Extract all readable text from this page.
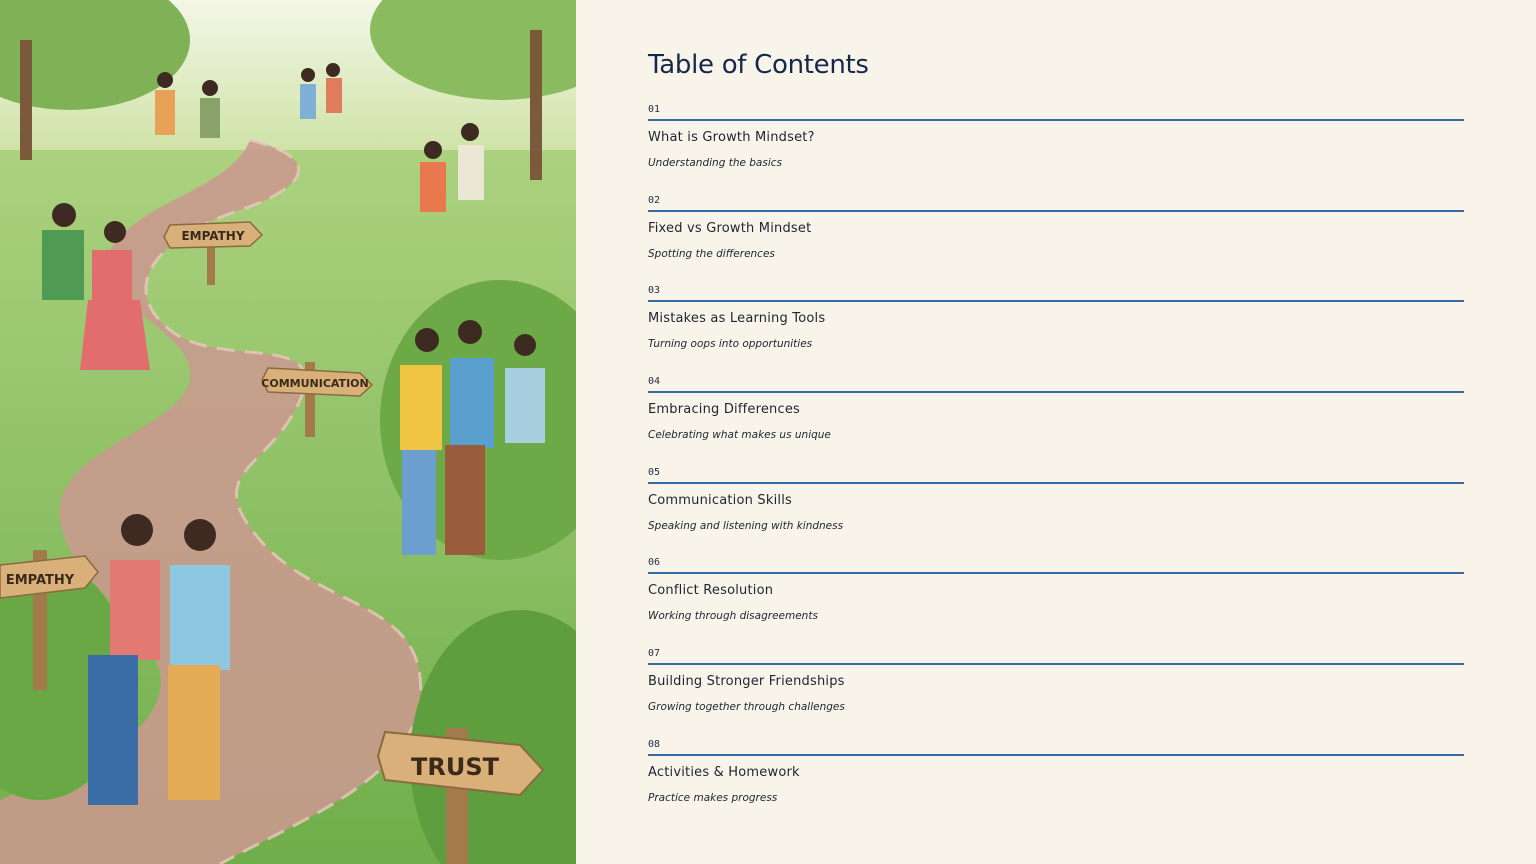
EMPATHY
COMMUNICATION
EMPATHY
TRUST
Table of Contents
01
What is Growth Mindset?
Understanding the basics
02
Fixed vs Growth Mindset
Spotting the differences
03
Mistakes as Learning Tools
Turning oops into opportunities
04
Embracing Differences
Celebrating what makes us unique
05
Communication Skills
Speaking and listening with kindness
06
Conflict Resolution
Working through disagreements
07
Building Stronger Friendships
Growing together through challenges
08
Activities & Homework
Practice makes progress
